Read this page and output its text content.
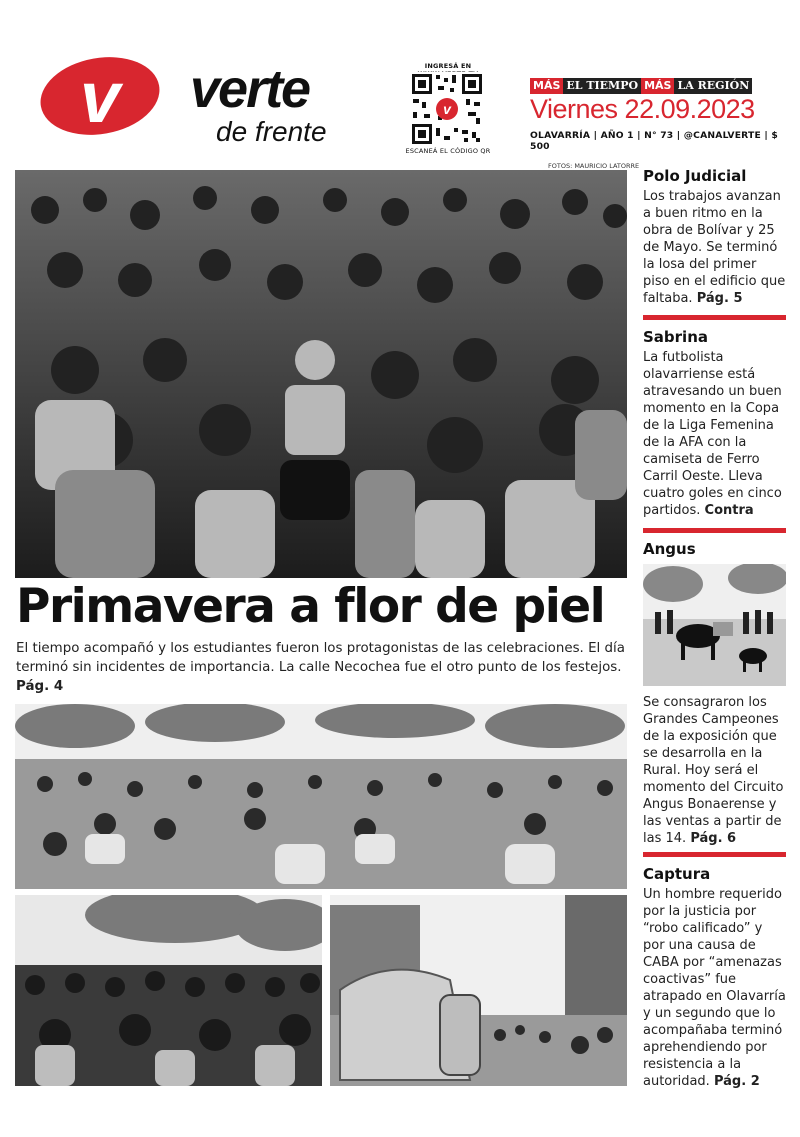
v verte
de frente
INGRESÁ EN
v
ESCANEÁ EL CÓDIGO QR
MÁS EL TIEMPO MÁS LA REGIÓN
Viernes 22.09.2023
OLAVARRÍA | AÑO 1 | N° 73 | @CANALVERTE | $ 500
FOTOS: MAURICIO LATORRE
Primavera a flor de piel
El tiempo acompañó y los estudiantes fueron los protagonistas de las celebraciones. El día terminó sin incidentes de importancia. La calle Necochea fue el otro punto de los festejos. Pág. 4
Polo Judicial

Los trabajos avanzan a buen ritmo en la obra de Bolívar y 25 de Mayo. Se terminó la losa del primer piso en el edificio que faltaba. Pág. 5

Sabrina

La futbolista olavarriense está atravesando un buen momento en la Copa de la Liga Femenina de la AFA con la camiseta de Ferro Carril Oeste. Lleva cuatro goles en cinco partidos. Contra

Angus

Se consagraron los Grandes Campeones de la exposición que se desarrolla en la Rural. Hoy será el momento del Circuito Angus Bonaerense y las ventas a partir de las 14. Pág. 6

Captura

Un hombre requerido por la justicia por “robo calificado” y por una causa de CABA por “amenazas coactivas” fue atrapado en Olavarría y un segundo que lo acompañaba terminó aprehendiendo por resistencia a la autoridad. Pág. 2
